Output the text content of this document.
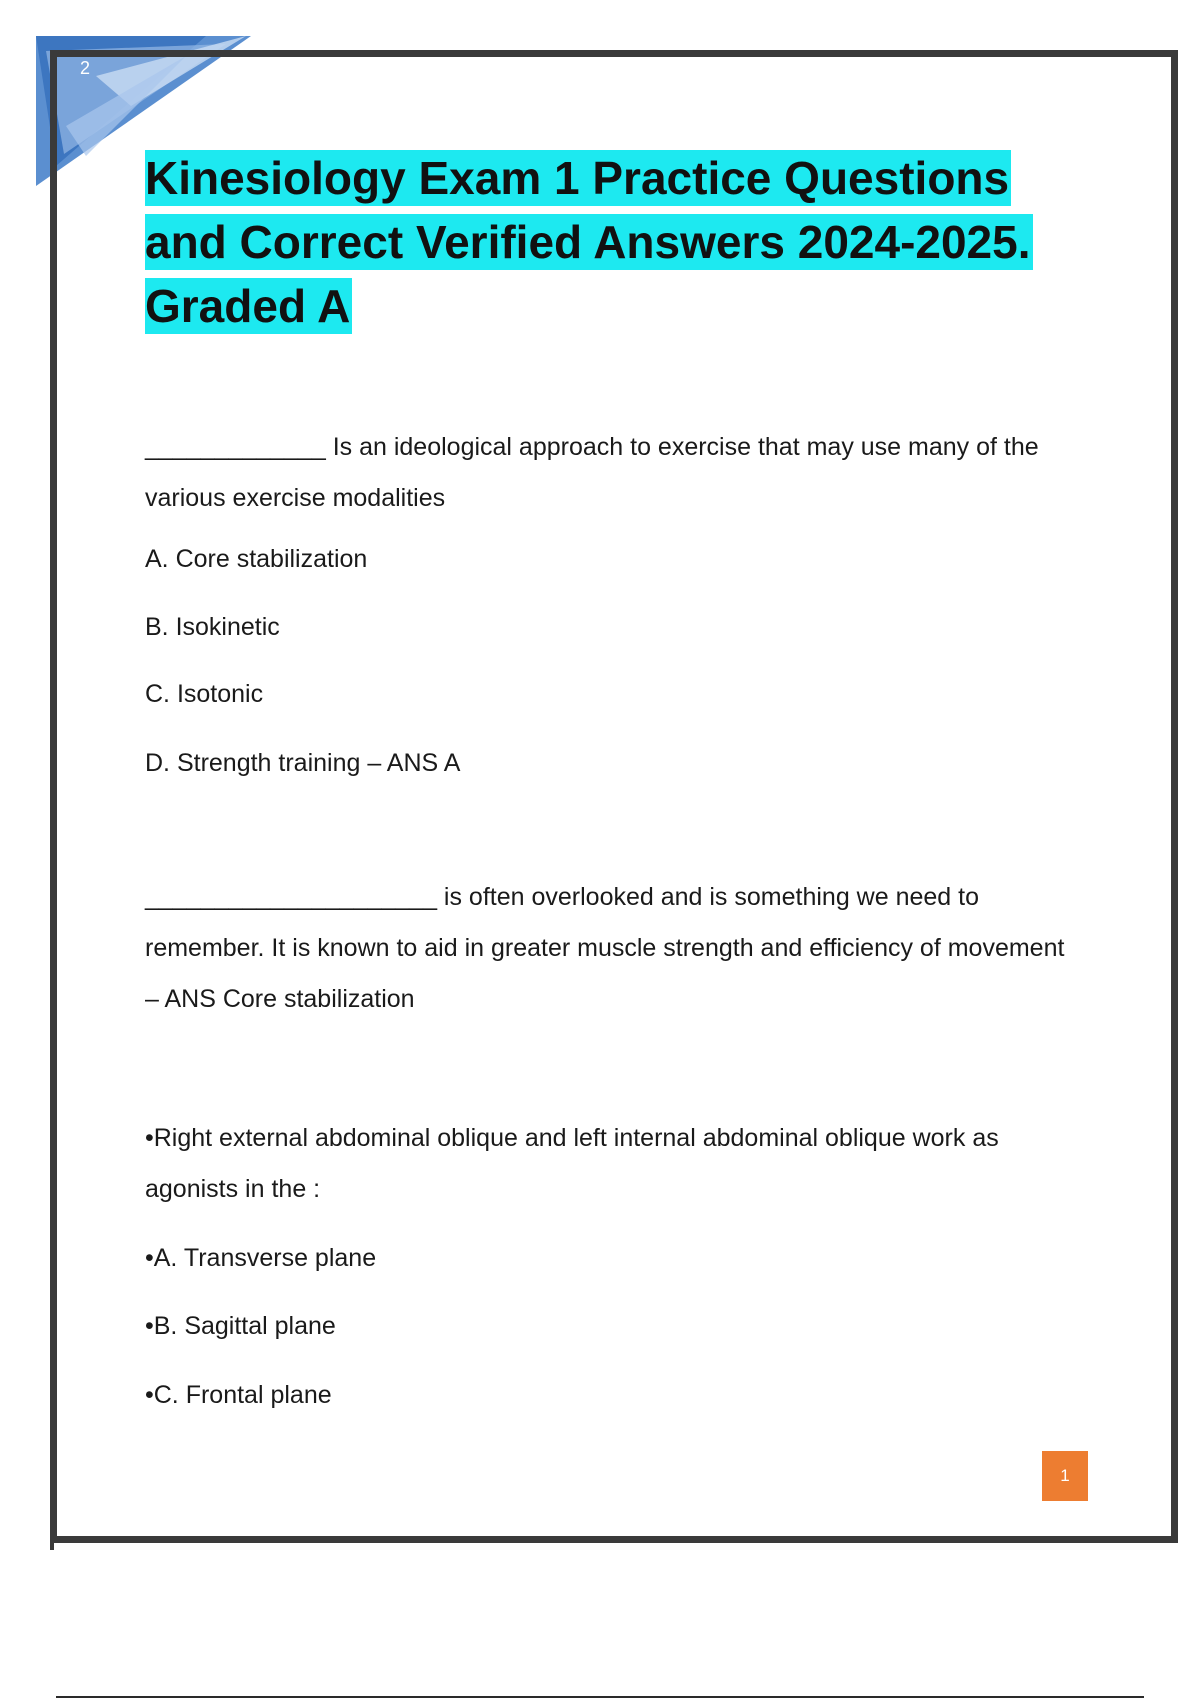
2
Kinesiology Exam 1 Practice Questions and Correct Verified Answers 2024-2025. Graded A

_____________ Is an ideological approach to exercise that may use many of the various exercise modalities

A. Core stabilization

B. Isokinetic

C. Isotonic

D. Strength training – ANS A

_____________________ is often overlooked and is something we need to remember. It is known to aid in greater muscle strength and efficiency of movement – ANS Core stabilization

•Right external abdominal oblique and left internal abdominal oblique work as agonists in the :

•A. Transverse plane

•B. Sagittal plane

•C. Frontal plane

1
